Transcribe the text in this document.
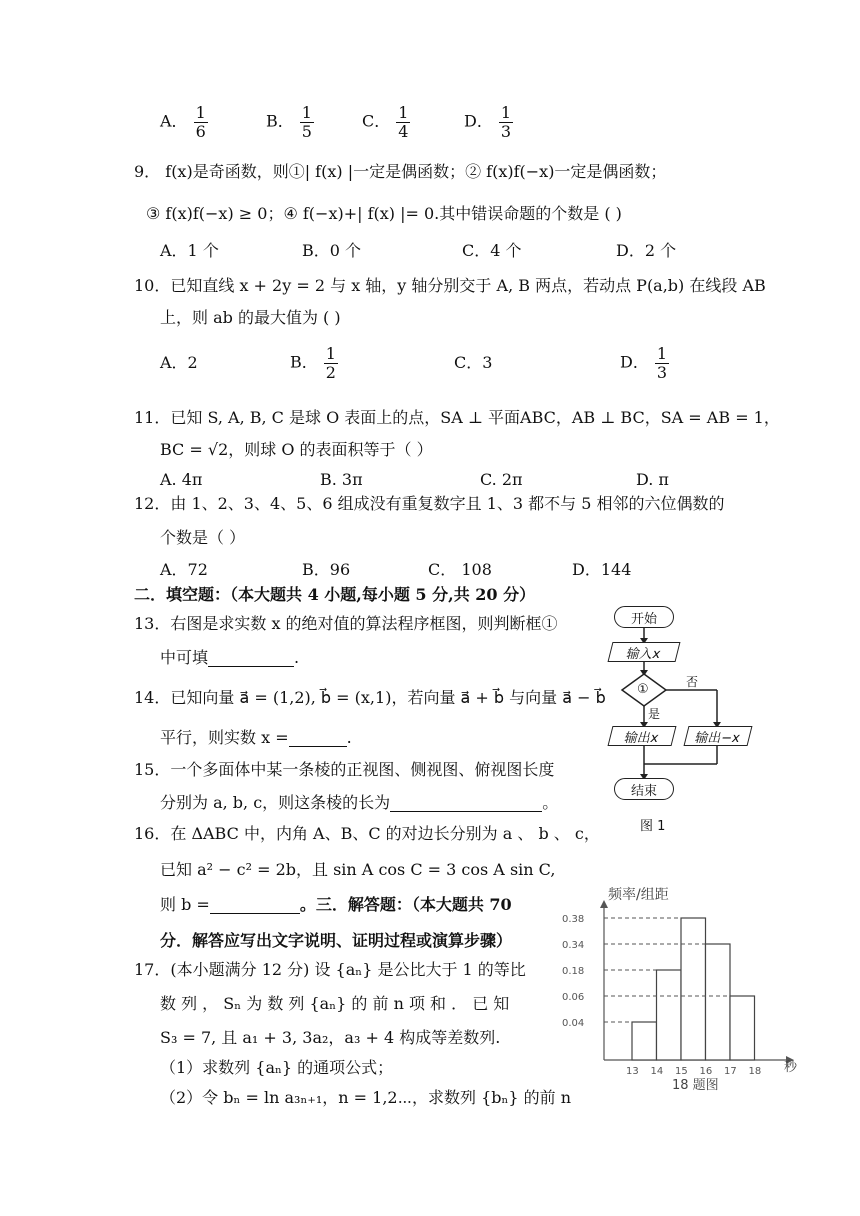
A． $\frac{1}{6}$	B． $\frac{1}{5}$	C． $\frac{1}{4}$	D． $\frac{1}{3}$
9． f(x)是奇函数，则①| f(x) |一定是偶函数；② f(x)f(−x)一定是偶函数；
③ f(x)f(−x) ≥ 0；④ f(−x)+| f(x) |= 0.其中错误命题的个数是 ( )
A．1 个	B．0 个	C．4 个	D．2 个
10．已知直线 x + 2y = 2 与 x 轴，y 轴分别交于 A, B 两点，若动点 P(a,b) 在线段 AB
上，则 ab 的最大值为 ( )
A．2	B． $\frac{1}{2}$	C．3	D． $\frac{1}{3}$
11．已知 S, A, B, C 是球 O 表面上的点，SA ⊥ 平面ABC，AB ⊥ BC，SA = AB = 1，
BC = √2，则球 O 的表面积等于（ ）
A. 4π	B. 3π	C. 2π	D. π
12．由 1、2、3、4、5、6 组成没有重复数字且 1、3 都不与 5 相邻的六位偶数的
个数是（ ）
A．72	B．96	C． 108	D．144
二．填空题：（本大题共 4 小题,每小题 5 分,共 20 分）
13．右图是求实数 x 的绝对值的算法程序框图，则判断框①
中可填	.
14．已知向量 a⃗ = (1,2), b⃗ = (x,1)，若向量 a⃗ + b⃗ 与向量 a⃗ − b⃗
平行，则实数 x =	.
15．一个多面体中某一条棱的正视图、侧视图、俯视图长度
分别为 a, b, c，则这条棱的长为	。
16．在 ΔABC 中，内角 A、B、C 的对边长分别为 a 、 b 、 c，
已知 a² − c² = 2b，且 sin A cos C = 3 cos A sin C,
则 b =	。三．解答题：（本大题共 70
分．解答应写出文字说明、证明过程或演算步骤）
17．(本小题满分 12 分) 设 {aₙ} 是公比大于 1 的等比
数 列 ， Sₙ 为 数 列 {aₙ} 的 前 n 项 和 ． 已 知
S₃ = 7, 且 a₁ + 3, 3a₂，a₃ + 4 构成等差数列.
（1）求数列 {aₙ} 的通项公式；
（2）令 bₙ = ln a₃ₙ₊₁，n = 1,2⋯，求数列 {bₙ} 的前 n
开始
输入x
①	否
是
输出x	输出−x
结束
图 1
0.38
0.34
0.18
0.06
0.04
13 14 15 16 17 18
频率/组距
秒
18 题图
